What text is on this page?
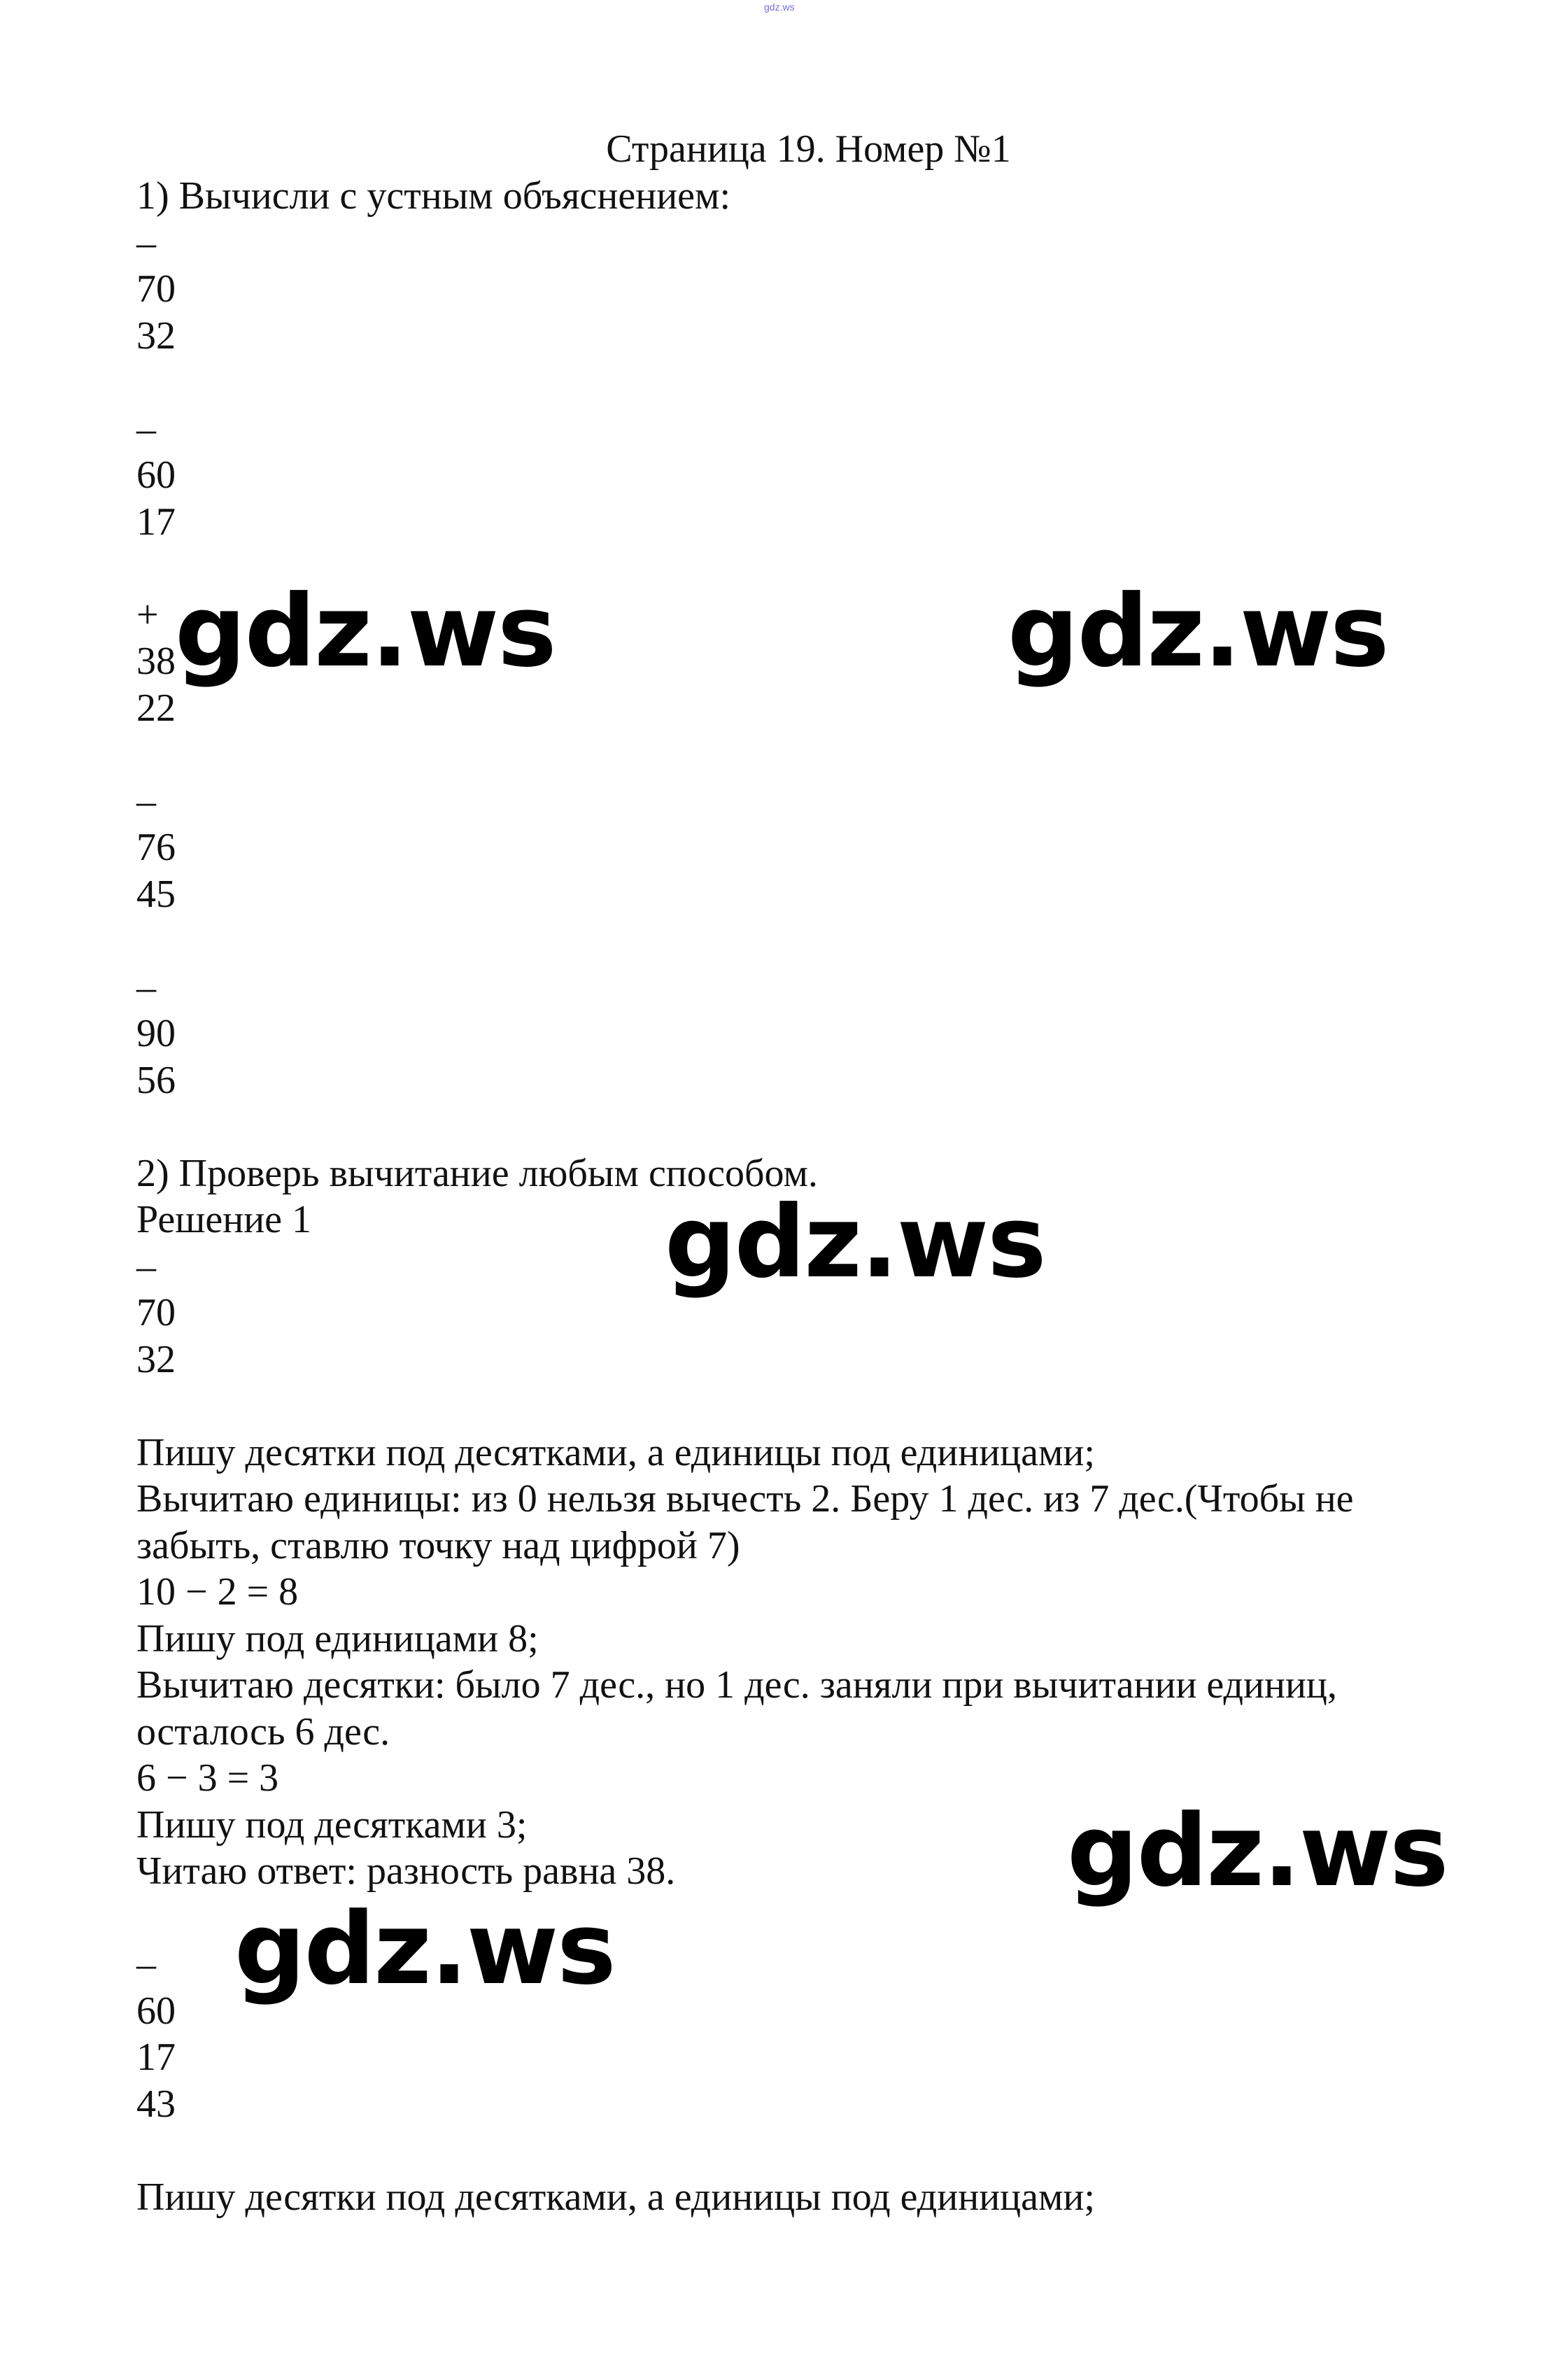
gdz.ws
Страница 19. Номер №1
1) Вычисли с устным объяснением:
–
70
32
–
60
17
+
38
22
–
76
45
–
90
56
2) Проверь вычитание любым способом.
Решение 1
–
70
32
Пишу десятки под десятками, а единицы под единицами;
Вычитаю единицы: из 0 нельзя вычесть 2. Беру 1 дес. из 7 дес.(Чтобы не
забыть, ставлю точку над цифрой 7)
10 − 2 = 8
Пишу под единицами 8;
Вычитаю десятки: было 7 дес., но 1 дес. заняли при вычитании единиц,
осталось 6 дес.
6 − 3 = 3
Пишу под десятками 3;
Читаю ответ: разность равна 38.
–
60
17
43
Пишу десятки под десятками, а единицы под единицами;
gdz.ws	gdz.ws
gdz.ws
gdz.ws
gdz.ws
